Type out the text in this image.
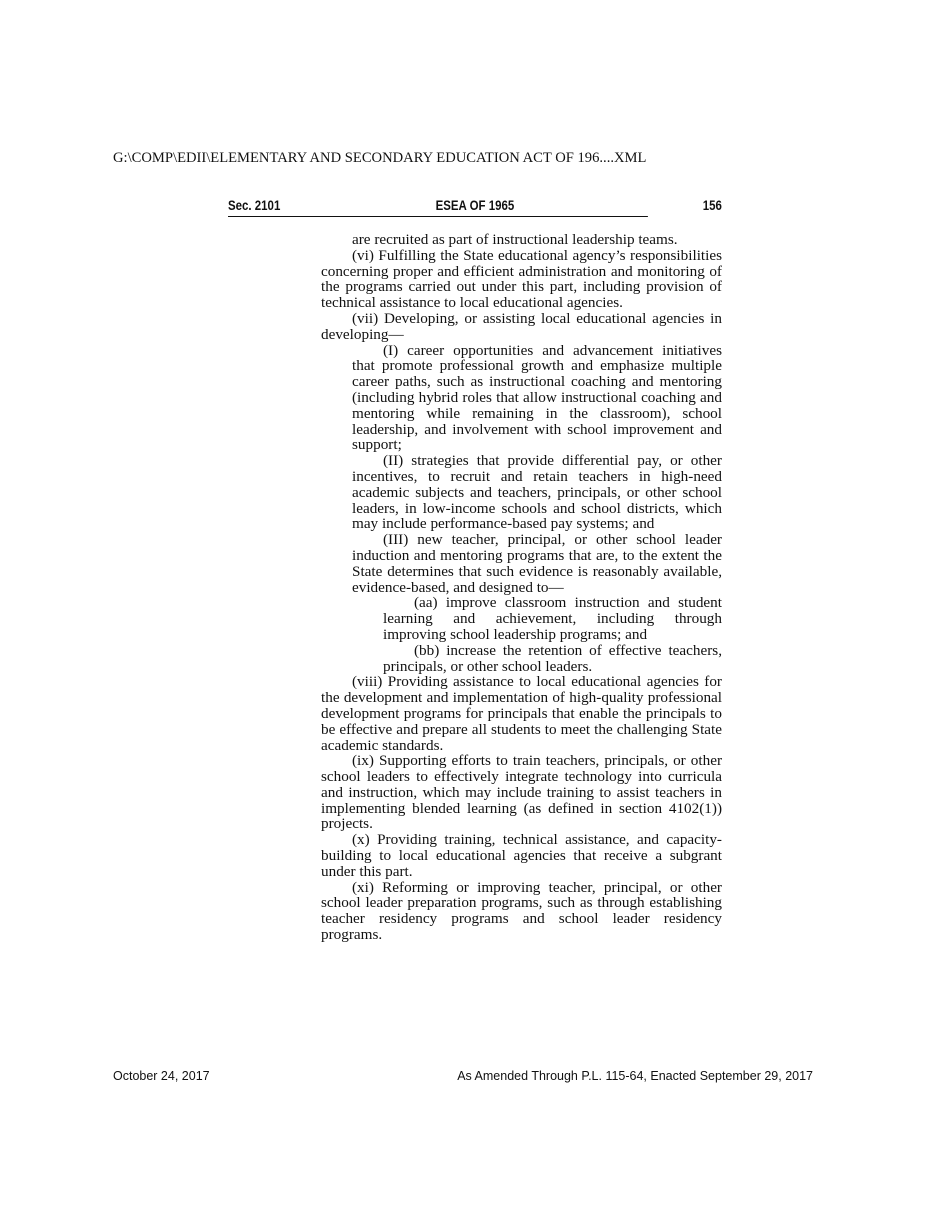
G:\COMP\EDII\ELEMENTARY AND SECONDARY EDUCATION ACT OF 196....XML
Sec. 2101	ESEA OF 1965	156

are recruited as part of instructional leadership teams.

(vi) Fulfilling the State educational agency’s responsibilities concerning proper and efficient administration and monitoring of the programs carried out under this part, including provision of technical assistance to local educational agencies.

(vii) Developing, or assisting local educational agencies in developing—

(I) career opportunities and advancement initiatives that promote professional growth and emphasize multiple career paths, such as instructional coaching and mentoring (including hybrid roles that allow instructional coaching and mentoring while remaining in the classroom), school leadership, and involvement with school improvement and support;

(II) strategies that provide differential pay, or other incentives, to recruit and retain teachers in high-need academic subjects and teachers, principals, or other school leaders, in low-income schools and school districts, which may include performance-based pay systems; and

(III) new teacher, principal, or other school leader induction and mentoring programs that are, to the extent the State determines that such evidence is reasonably available, evidence-based, and designed to—

(aa) improve classroom instruction and student learning and achievement, including through improving school leadership programs; and

(bb) increase the retention of effective teachers, principals, or other school leaders.

(viii) Providing assistance to local educational agencies for the development and implementation of high-quality professional development programs for principals that enable the principals to be effective and prepare all students to meet the challenging State academic standards.

(ix) Supporting efforts to train teachers, principals, or other school leaders to effectively integrate technology into curricula and instruction, which may include training to assist teachers in implementing blended learning (as defined in section 4102(1)) projects.

(x) Providing training, technical assistance, and capacity-building to local educational agencies that receive a subgrant under this part.

(xi) Reforming or improving teacher, principal, or other school leader preparation programs, such as through establishing teacher residency programs and school leader residency programs.

October 24, 2017	As Amended Through P.L. 115-64, Enacted September 29, 2017
